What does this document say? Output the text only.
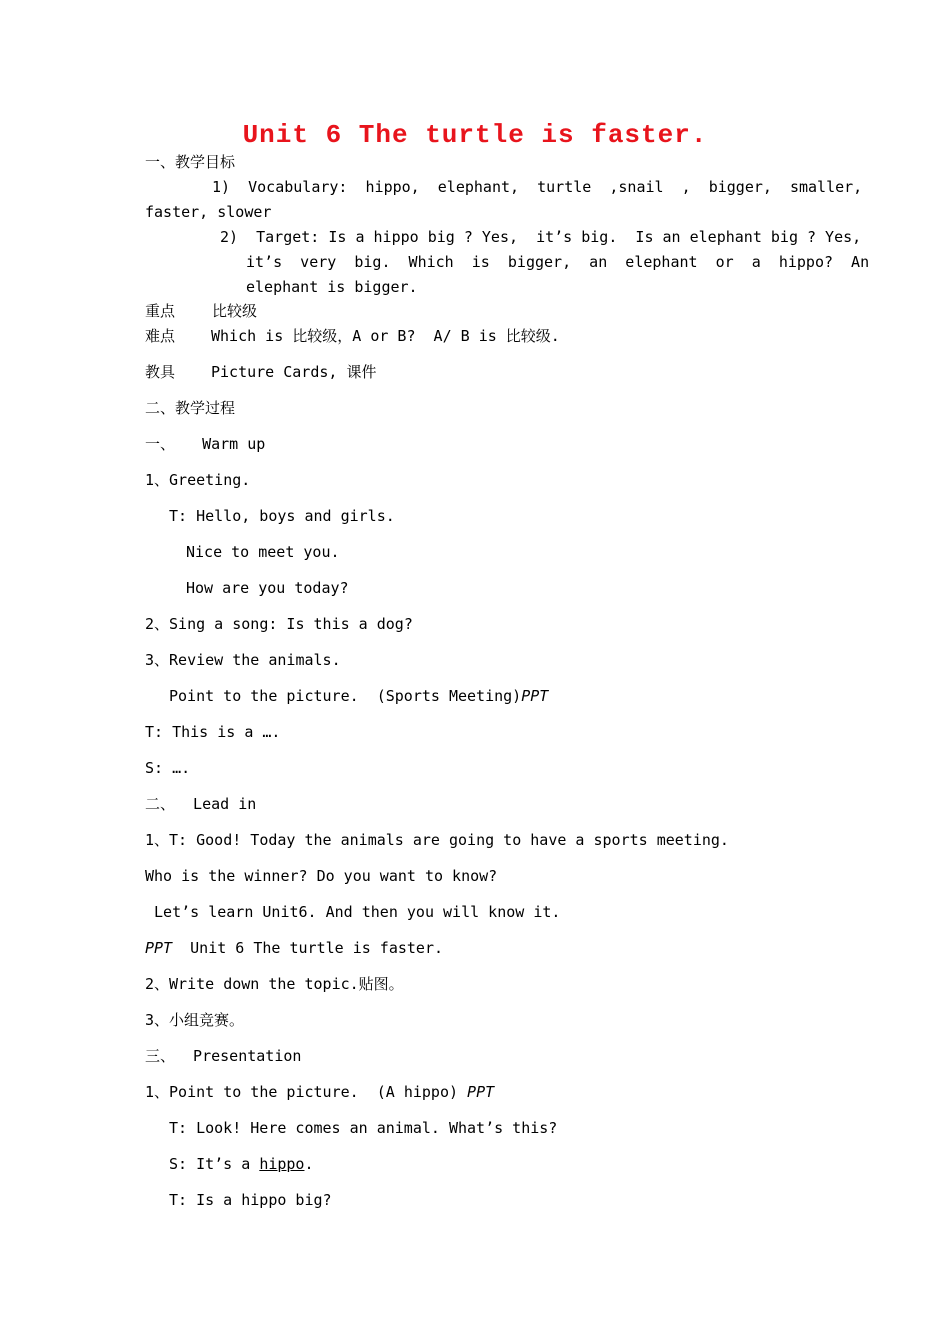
Unit 6 The turtle is faster.
一、教学目标
1)  Vocabulary:  hippo,  elephant,  turtle  ,snail  ,  bigger,  smaller,
faster, slower
2)  Target: Is a hippo big ? Yes,  it’s big.  Is an elephant big ? Yes,
it’s  very  big.  Which  is  bigger,  an  elephant  or  a  hippo?  An
elephant is bigger.
重点 比较级
难点 Which is 比较级，A or B?  A/ B is 比较级.
教具 Picture Cards, 课件
二、教学过程
一、   Warm up
1、Greeting.
T: Hello, boys and girls.
Nice to meet you.
How are you today?
2、Sing a song: Is this a dog?
3、Review the animals.
Point to the picture.  (Sports Meeting)PPT
T: This is a ….
S: ….
二、  Lead in
1、T: Good! Today the animals are going to have a sports meeting.
Who is the winner? Do you want to know?
Let’s learn Unit6. And then you will know it.
PPT  Unit 6 The turtle is faster.
2、Write down the topic.贴图。
3、小组竞赛。
三、  Presentation
1、Point to the picture.  (A hippo) PPT
T: Look! Here comes an animal. What’s this?
S: It’s a hippo.
T: Is a hippo big?
